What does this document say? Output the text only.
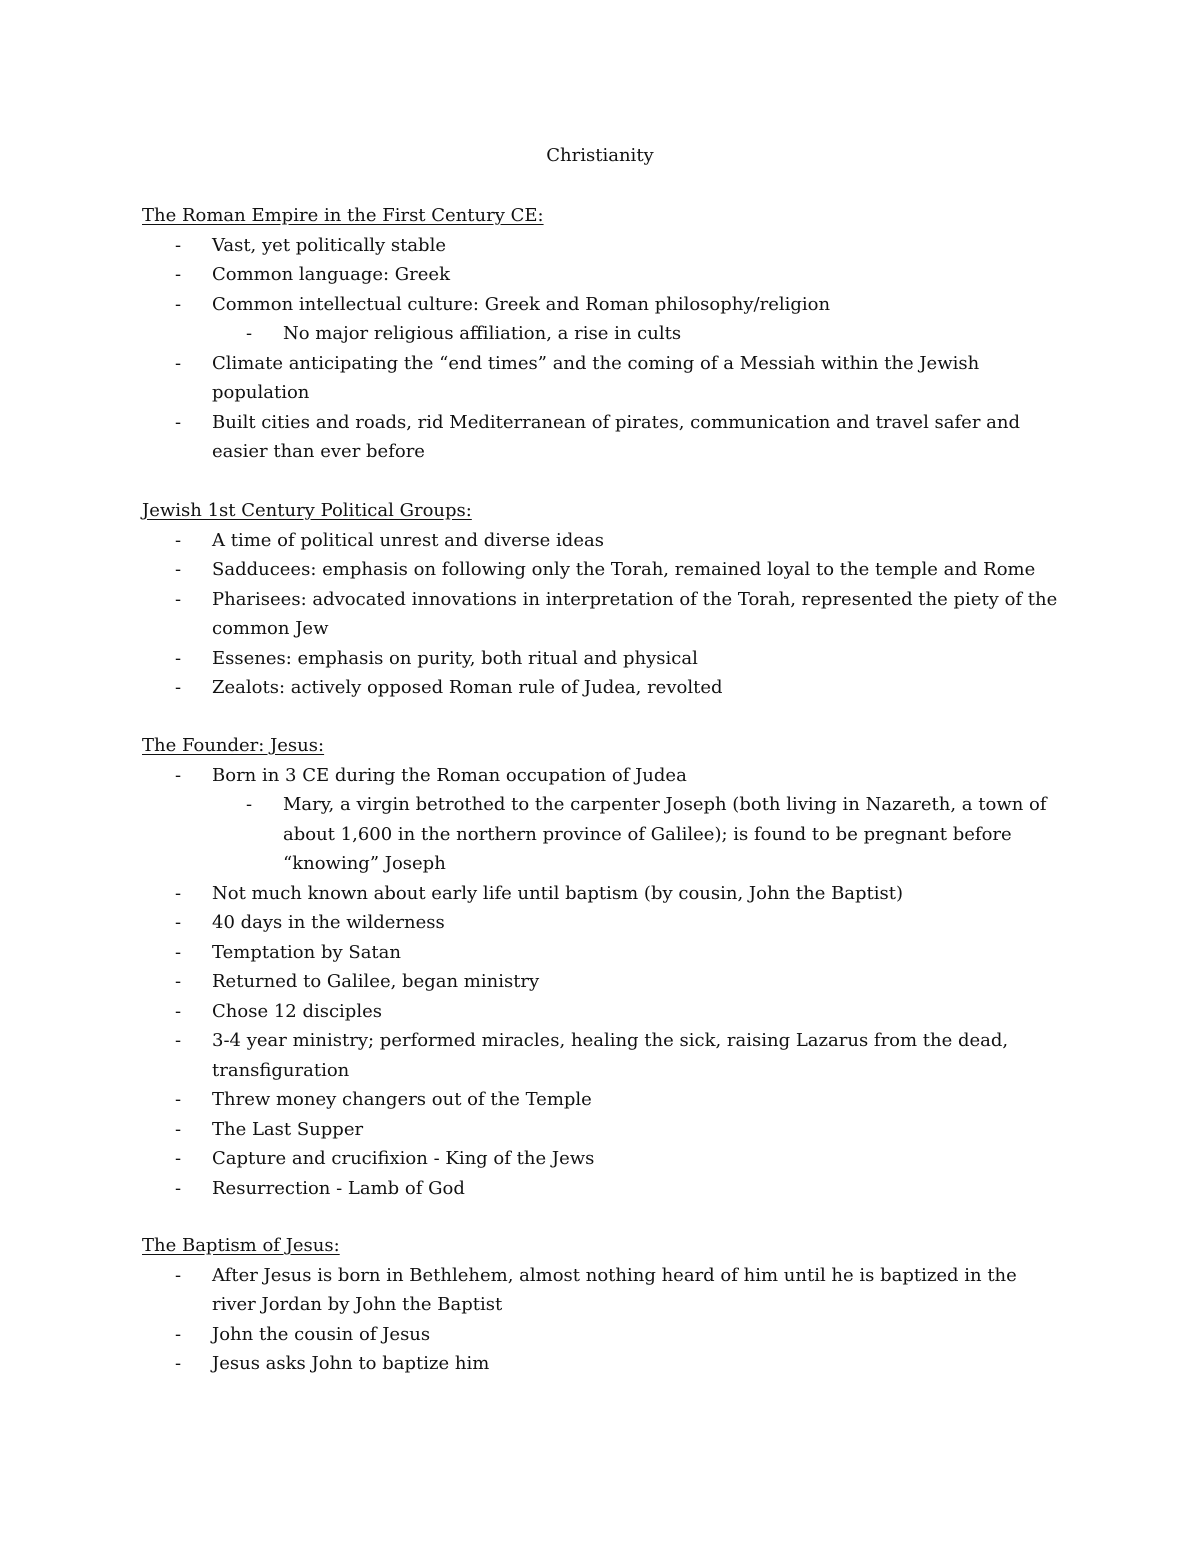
Christianity
The Roman Empire in the First Century CE:
- Vast, yet politically stable
- Common language: Greek
- Common intellectual culture: Greek and Roman philosophy/religion
- No major religious affiliation, a rise in cults
- Climate anticipating the “end times” and the coming of a Messiah within the Jewish population
- Built cities and roads, rid Mediterranean of pirates, communication and travel safer and easier than ever before
Jewish 1st Century Political Groups:
- A time of political unrest and diverse ideas
- Sadducees: emphasis on following only the Torah, remained loyal to the temple and Rome
- Pharisees: advocated innovations in interpretation of the Torah, represented the piety of the common Jew
- Essenes: emphasis on purity, both ritual and physical
- Zealots: actively opposed Roman rule of Judea, revolted
The Founder: Jesus:
- Born in 3 CE during the Roman occupation of Judea
- Mary, a virgin betrothed to the carpenter Joseph (both living in Nazareth, a town of about 1,600 in the northern province of Galilee); is found to be pregnant before “knowing” Joseph
- Not much known about early life until baptism (by cousin, John the Baptist)
- 40 days in the wilderness
- Temptation by Satan
- Returned to Galilee, began ministry
- Chose 12 disciples
- 3-4 year ministry; performed miracles, healing the sick, raising Lazarus from the dead, transfiguration
- Threw money changers out of the Temple
- The Last Supper
- Capture and crucifixion - King of the Jews
- Resurrection - Lamb of God
The Baptism of Jesus:
- After Jesus is born in Bethlehem, almost nothing heard of him until he is baptized in the river Jordan by John the Baptist
- John the cousin of Jesus
- Jesus asks John to baptize him
